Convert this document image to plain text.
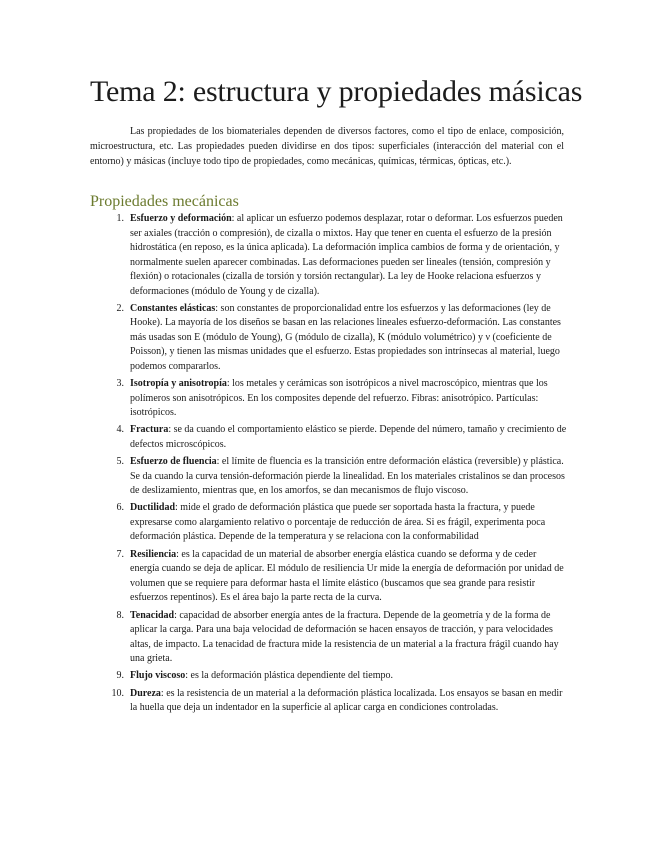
Tema 2: estructura y propiedades másicas

Las propiedades de los biomateriales dependen de diversos factores, como el tipo de enlace, composición, microestructura, etc. Las propiedades pueden dividirse en dos tipos: superficiales (interacción del material con el entorno) y másicas (incluye todo tipo de propiedades, como mecánicas, químicas, térmicas, ópticas, etc.).

Propiedades mecánicas
1. Esfuerzo y deformación: al aplicar un esfuerzo podemos desplazar, rotar o deformar. Los esfuerzos pueden ser axiales (tracción o compresión), de cizalla o mixtos. Hay que tener en cuenta el esfuerzo de la presión hidrostática (en reposo, es la única aplicada). La deformación implica cambios de forma y de orientación, y normalmente suelen aparecer combinadas. Las deformaciones pueden ser lineales (tensión, compresión y flexión) o rotacionales (cizalla de torsión y torsión rectangular). La ley de Hooke relaciona esfuerzos y deformaciones (módulo de Young y de cizalla).
2. Constantes elásticas: son constantes de proporcionalidad entre los esfuerzos y las deformaciones (ley de Hooke). La mayoría de los diseños se basan en las relaciones lineales esfuerzo-deformación. Las constantes más usadas son E (módulo de Young), G (módulo de cizalla), K (módulo volumétrico) y ν (coeficiente de Poisson), y tienen las mismas unidades que el esfuerzo. Estas propiedades son intrínsecas al material, luego podemos compararlos.
3. Isotropía y anisotropía: los metales y cerámicas son isotrópicos a nivel macroscópico, mientras que los polímeros son anisotrópicos. En los composites depende del refuerzo. Fibras: anisotrópico. Partículas: isotrópicos.
4. Fractura: se da cuando el comportamiento elástico se pierde. Depende del número, tamaño y crecimiento de defectos microscópicos.
5. Esfuerzo de fluencia: el límite de fluencia es la transición entre deformación elástica (reversible) y plástica. Se da cuando la curva tensión-deformación pierde la linealidad. En los materiales cristalinos se dan procesos de deslizamiento, mientras que, en los amorfos, se dan mecanismos de flujo viscoso.
6. Ductilidad: mide el grado de deformación plástica que puede ser soportada hasta la fractura, y puede expresarse como alargamiento relativo o porcentaje de reducción de área. Si es frágil, experimenta poca deformación plástica. Depende de la temperatura y se relaciona con la conformabilidad
7. Resiliencia: es la capacidad de un material de absorber energía elástica cuando se deforma y de ceder energía cuando se deja de aplicar. El módulo de resiliencia Ur mide la energía de deformación por unidad de volumen que se requiere para deformar hasta el límite elástico (buscamos que sea grande para resistir esfuerzos repentinos). Es el área bajo la parte recta de la curva.
8. Tenacidad: capacidad de absorber energía antes de la fractura. Depende de la geometría y de la forma de aplicar la carga. Para una baja velocidad de deformación se hacen ensayos de tracción, y para velocidades altas, de impacto. La tenacidad de fractura mide la resistencia de un material a la fractura frágil cuando hay una grieta.
9. Flujo viscoso: es la deformación plástica dependiente del tiempo.
10. Dureza: es la resistencia de un material a la deformación plástica localizada. Los ensayos se basan en medir la huella que deja un indentador en la superficie al aplicar carga en condiciones controladas.
